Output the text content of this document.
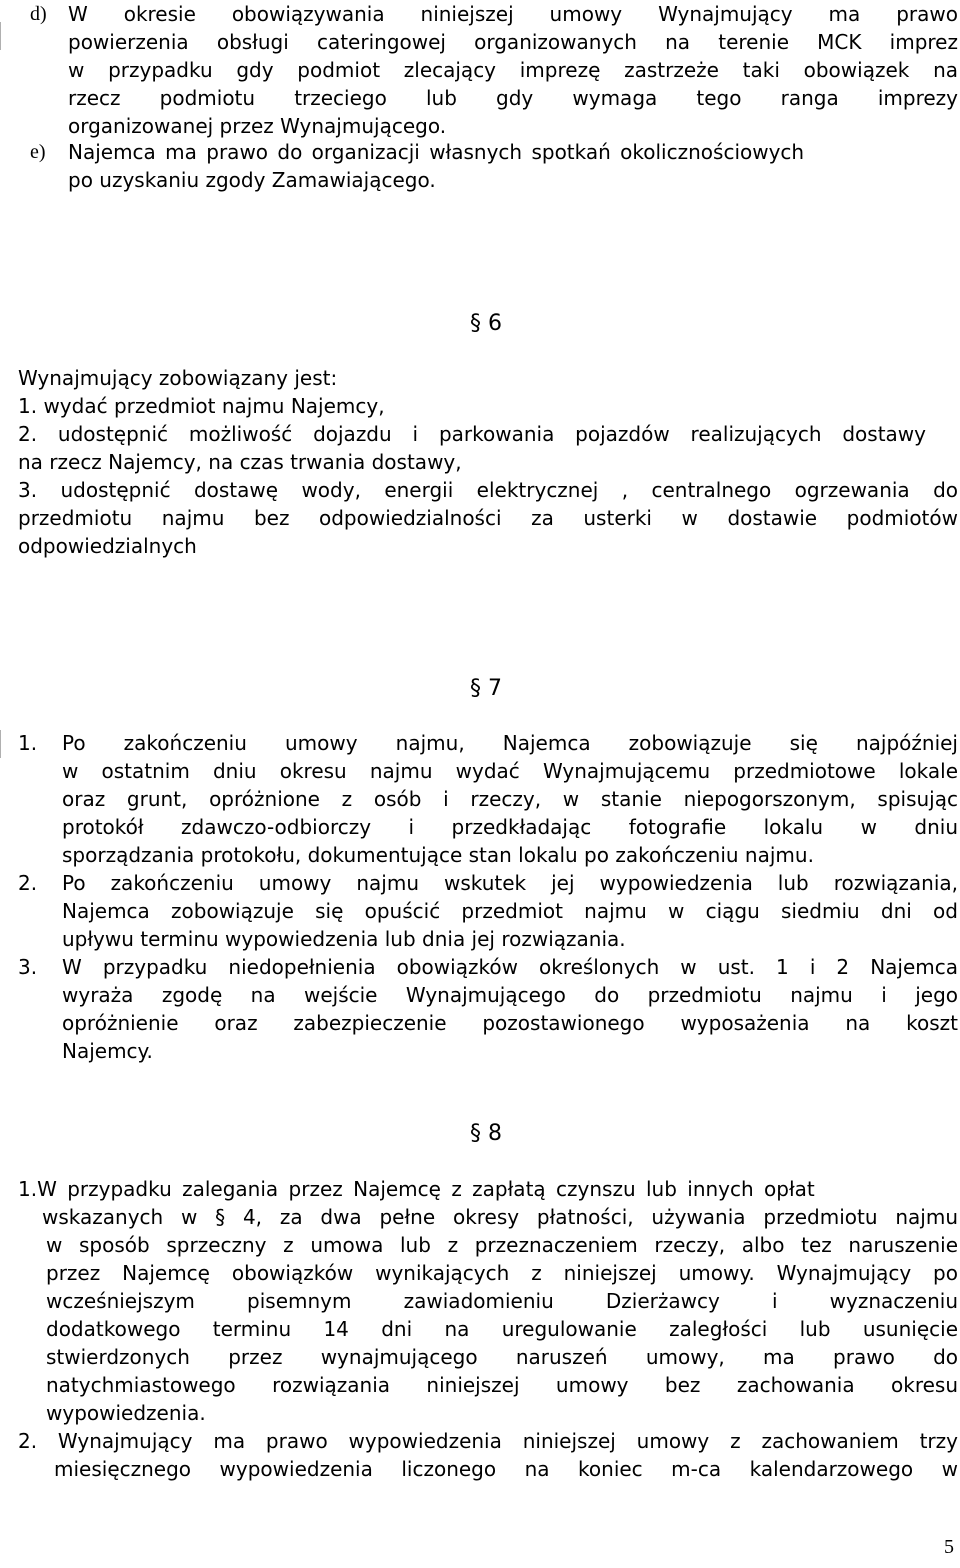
d) W okresie obowiązywania niniejszej umowy Wynajmujący ma prawo
powierzenia obsługi cateringowej organizowanych na terenie MCK imprez
w przypadku gdy podmiot zlecający imprezę zastrzeże taki obowiązek na
rzecz podmiotu trzeciego lub gdy wymaga tego ranga imprezy
organizowanej przez Wynajmującego.
e) Najemca ma prawo do organizacji własnych spotkań okolicznościowych
po uzyskaniu zgody Zamawiającego.
§ 6
Wynajmujący zobowiązany jest:
1. wydać przedmiot najmu Najemcy,
2. udostępnić możliwość dojazdu i parkowania pojazdów realizujących dostawy
na rzecz Najemcy, na czas trwania dostawy,
3. udostępnić dostawę wody, energii elektrycznej , centralnego ogrzewania do
przedmiotu najmu bez odpowiedzialności za usterki w dostawie podmiotów
odpowiedzialnych
§ 7
1. Po zakończeniu umowy najmu, Najemca zobowiązuje się najpóźniej
w ostatnim dniu okresu najmu wydać Wynajmującemu przedmiotowe lokale
oraz grunt, opróżnione z osób i rzeczy, w stanie niepogorszonym, spisując
protokół zdawczo-odbiorczy i przedkładając fotografie lokalu w dniu
sporządzania protokołu, dokumentujące stan lokalu po zakończeniu najmu.
2. Po zakończeniu umowy najmu wskutek jej wypowiedzenia lub rozwiązania,
Najemca zobowiązuje się opuścić przedmiot najmu w ciągu siedmiu dni od
upływu terminu wypowiedzenia lub dnia jej rozwiązania.
3. W przypadku niedopełnienia obowiązków określonych w ust. 1 i 2 Najemca
wyraża zgodę na wejście Wynajmującego do przedmiotu najmu i jego
opróżnienie oraz zabezpieczenie pozostawionego wyposażenia na koszt
Najemcy.
§ 8
1.W przypadku zalegania przez Najemcę z zapłatą czynszu lub innych opłat
wskazanych w § 4, za dwa pełne okresy płatności, używania przedmiotu najmu
w sposób sprzeczny z umowa lub z przeznaczeniem rzeczy, albo tez naruszenie
przez Najemcę obowiązków wynikających z niniejszej umowy. Wynajmujący po
wcześniejszym pisemnym zawiadomieniu Dzierżawcy i wyznaczeniu
dodatkowego terminu 14 dni na uregulowanie zaległości lub usunięcie
stwierdzonych przez wynajmującego naruszeń umowy, ma prawo do
natychmiastowego rozwiązania niniejszej umowy bez zachowania okresu
wypowiedzenia.
2. Wynajmujący ma prawo wypowiedzenia niniejszej umowy z zachowaniem trzy
miesięcznego wypowiedzenia liczonego na koniec m-ca kalendarzowego w
5
